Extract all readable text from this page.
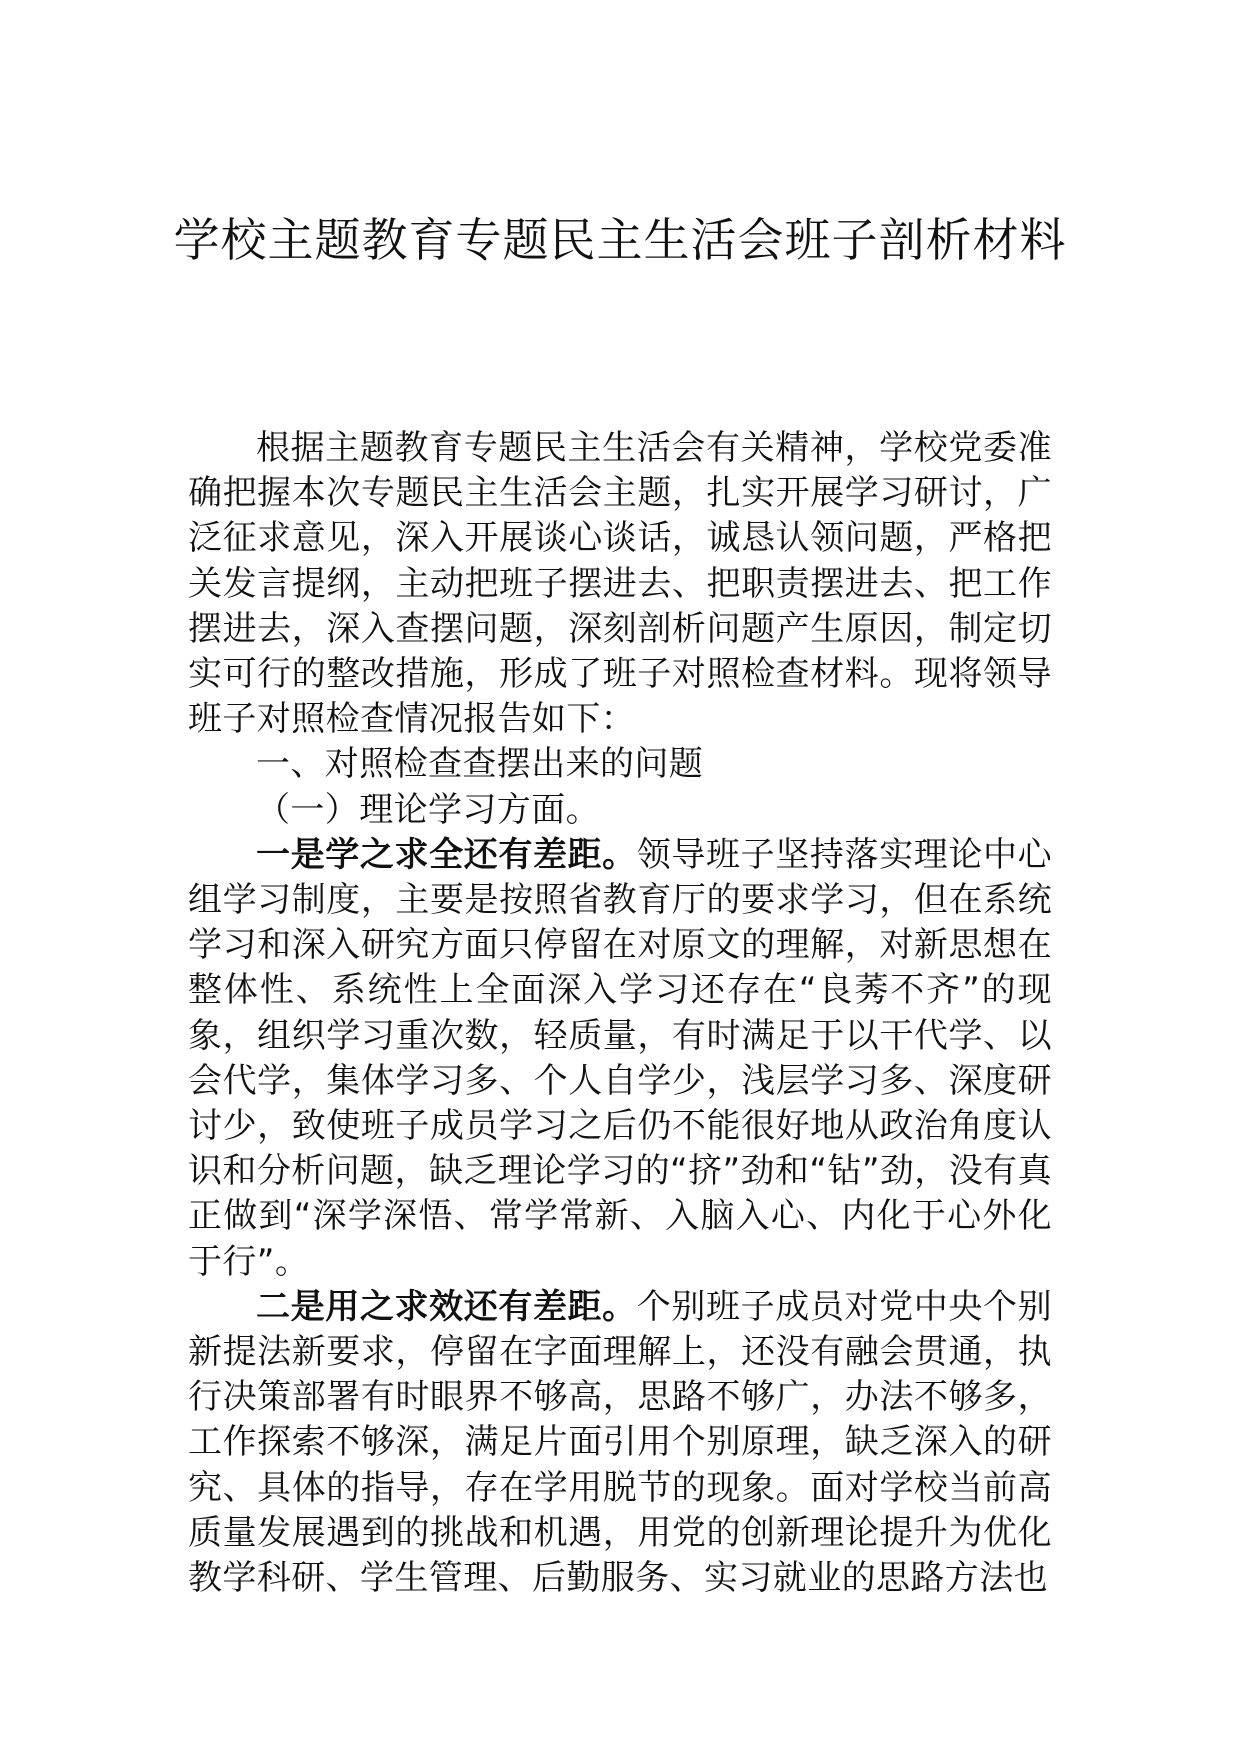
学校主题教育专题民主生活会班子剖析材料

根据主题教育专题民主生活会有关精神，学校党委准确把握本次专题民主生活会主题，扎实开展学习研讨，广泛征求意见，深入开展谈心谈话，诚恳认领问题，严格把关发言提纲，主动把班子摆进去、把职责摆进去、把工作摆进去，深入查摆问题，深刻剖析问题产生原因，制定切实可行的整改措施，形成了班子对照检查材料。现将领导班子对照检查情况报告如下：

一、对照检查查摆出来的问题

（一）理论学习方面。

一是学之求全还有差距。领导班子坚持落实理论中心组学习制度，主要是按照省教育厅的要求学习，但在系统学习和深入研究方面只停留在对原文的理解，对新思想在整体性、系统性上全面深入学习还存在“良莠不齐”的现象，组织学习重次数，轻质量，有时满足于以干代学、以会代学，集体学习多、个人自学少，浅层学习多、深度研讨少，致使班子成员学习之后仍不能很好地从政治角度认识和分析问题，缺乏理论学习的“挤”劲和“钻”劲，没有真正做到“深学深悟、常学常新、入脑入心、内化于心外化于行”。

二是用之求效还有差距。个别班子成员对党中央个别新提法新要求，停留在字面理解上，还没有融会贯通，执行决策部署有时眼界不够高，思路不够广，办法不够多，工作探索不够深，满足片面引用个别原理，缺乏深入的研究、具体的指导，存在学用脱节的现象。面对学校当前高质量发展遇到的挑战和机遇，用党的创新理论提升为优化教学科研、学生管理、后勤服务、实习就业的思路方法也
